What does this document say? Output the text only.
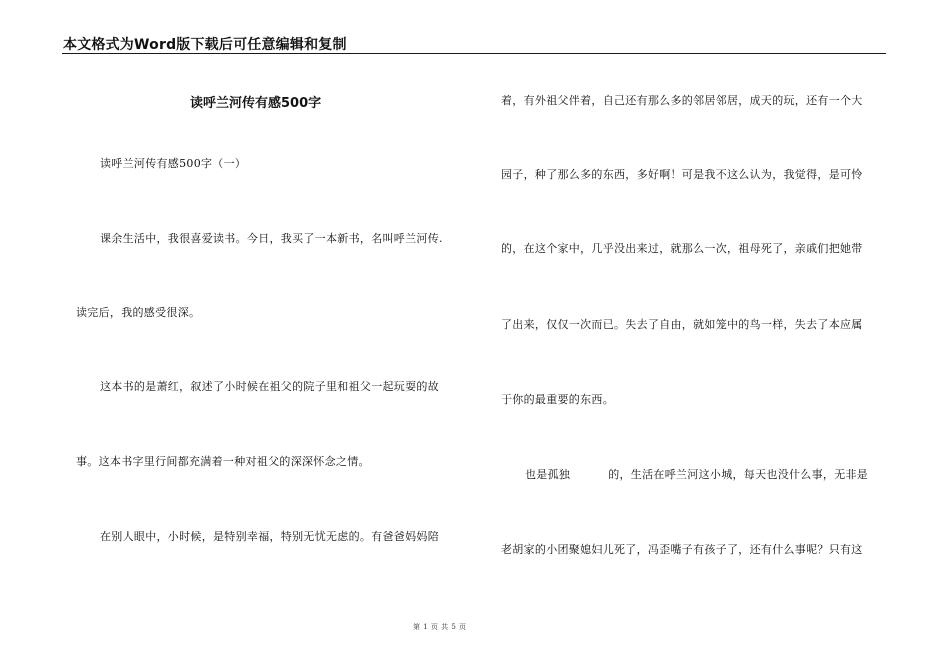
本文格式为Word版下载后可任意编辑和复制
读呼兰河传有感500字
读呼兰河传有感500字（一）
课余生活中，我很喜爱读书。今日，我买了一本新书，名叫呼兰河传.
读完后，我的感受很深。
这本书的是萧红，叙述了小时候在祖父的院子里和祖父一起玩耍的故
事。这本书字里行间都充满着一种对祖父的深深怀念之情。
在别人眼中，小时候，是特别幸福，特别无忧无虑的。有爸爸妈妈陪
着，有外祖父伴着，自己还有那么多的邻居邻居，成天的玩，还有一个大
园子，种了那么多的东西，多好啊！可是我不这么认为，我觉得，是可怜
的，在这个家中，几乎没出来过，就那么一次，祖母死了，亲戚们把她带
了出来，仅仅一次而已。失去了自由，就如笼中的鸟一样，失去了本应属
于你的最重要的东西。
也是孤独	的，生活在呼兰河这小城，每天也没什么事，无非是
老胡家的小团聚媳妇儿死了，冯歪嘴子有孩子了，还有什么事呢？只有这
第 1 页 共 5 页
